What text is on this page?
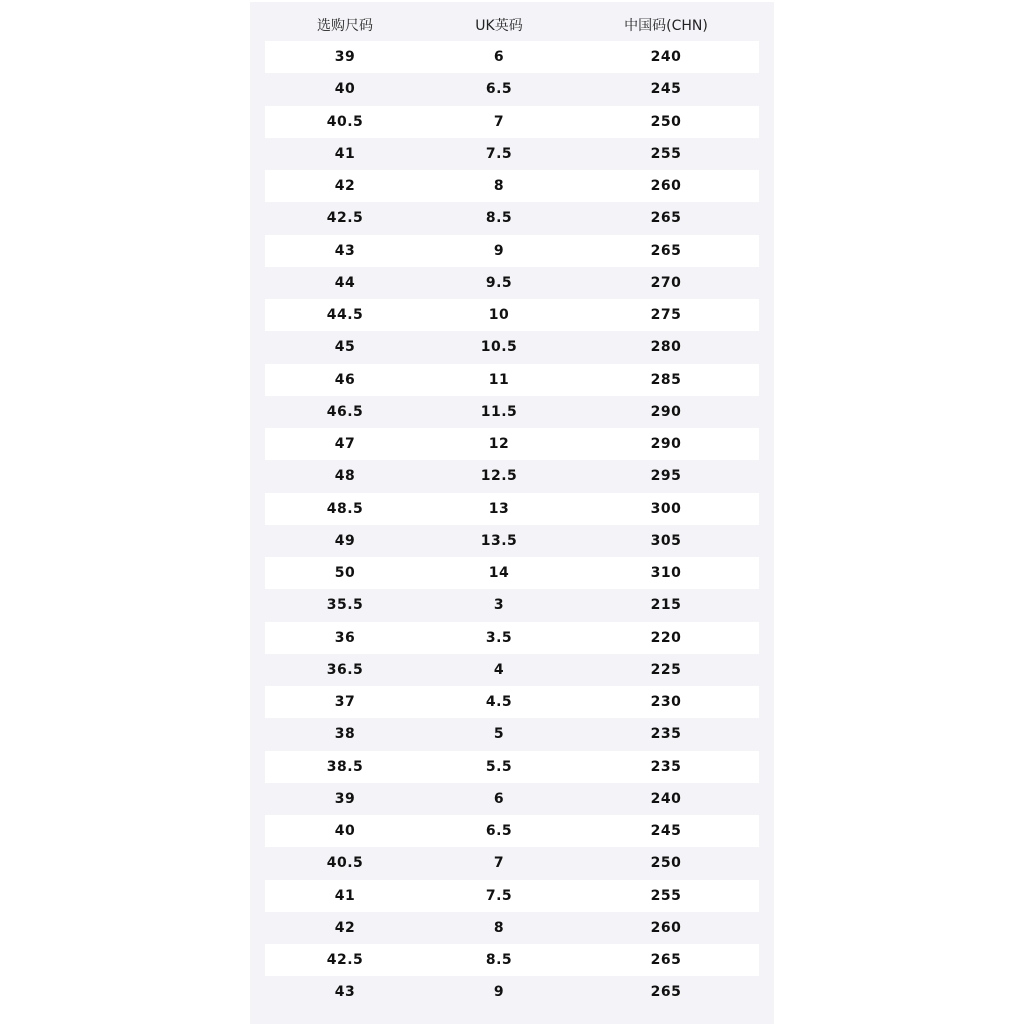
选购尺码	UK英码	中国码(CHN)
39	6	240
40	6.5	245
40.5	7	250
41	7.5	255
42	8	260
42.5	8.5	265
43	9	265
44	9.5	270
44.5	10	275
45	10.5	280
46	11	285
46.5	11.5	290
47	12	290
48	12.5	295
48.5	13	300
49	13.5	305
50	14	310
35.5	3	215
36	3.5	220
36.5	4	225
37	4.5	230
38	5	235
38.5	5.5	235
39	6	240
40	6.5	245
40.5	7	250
41	7.5	255
42	8	260
42.5	8.5	265
43	9	265
